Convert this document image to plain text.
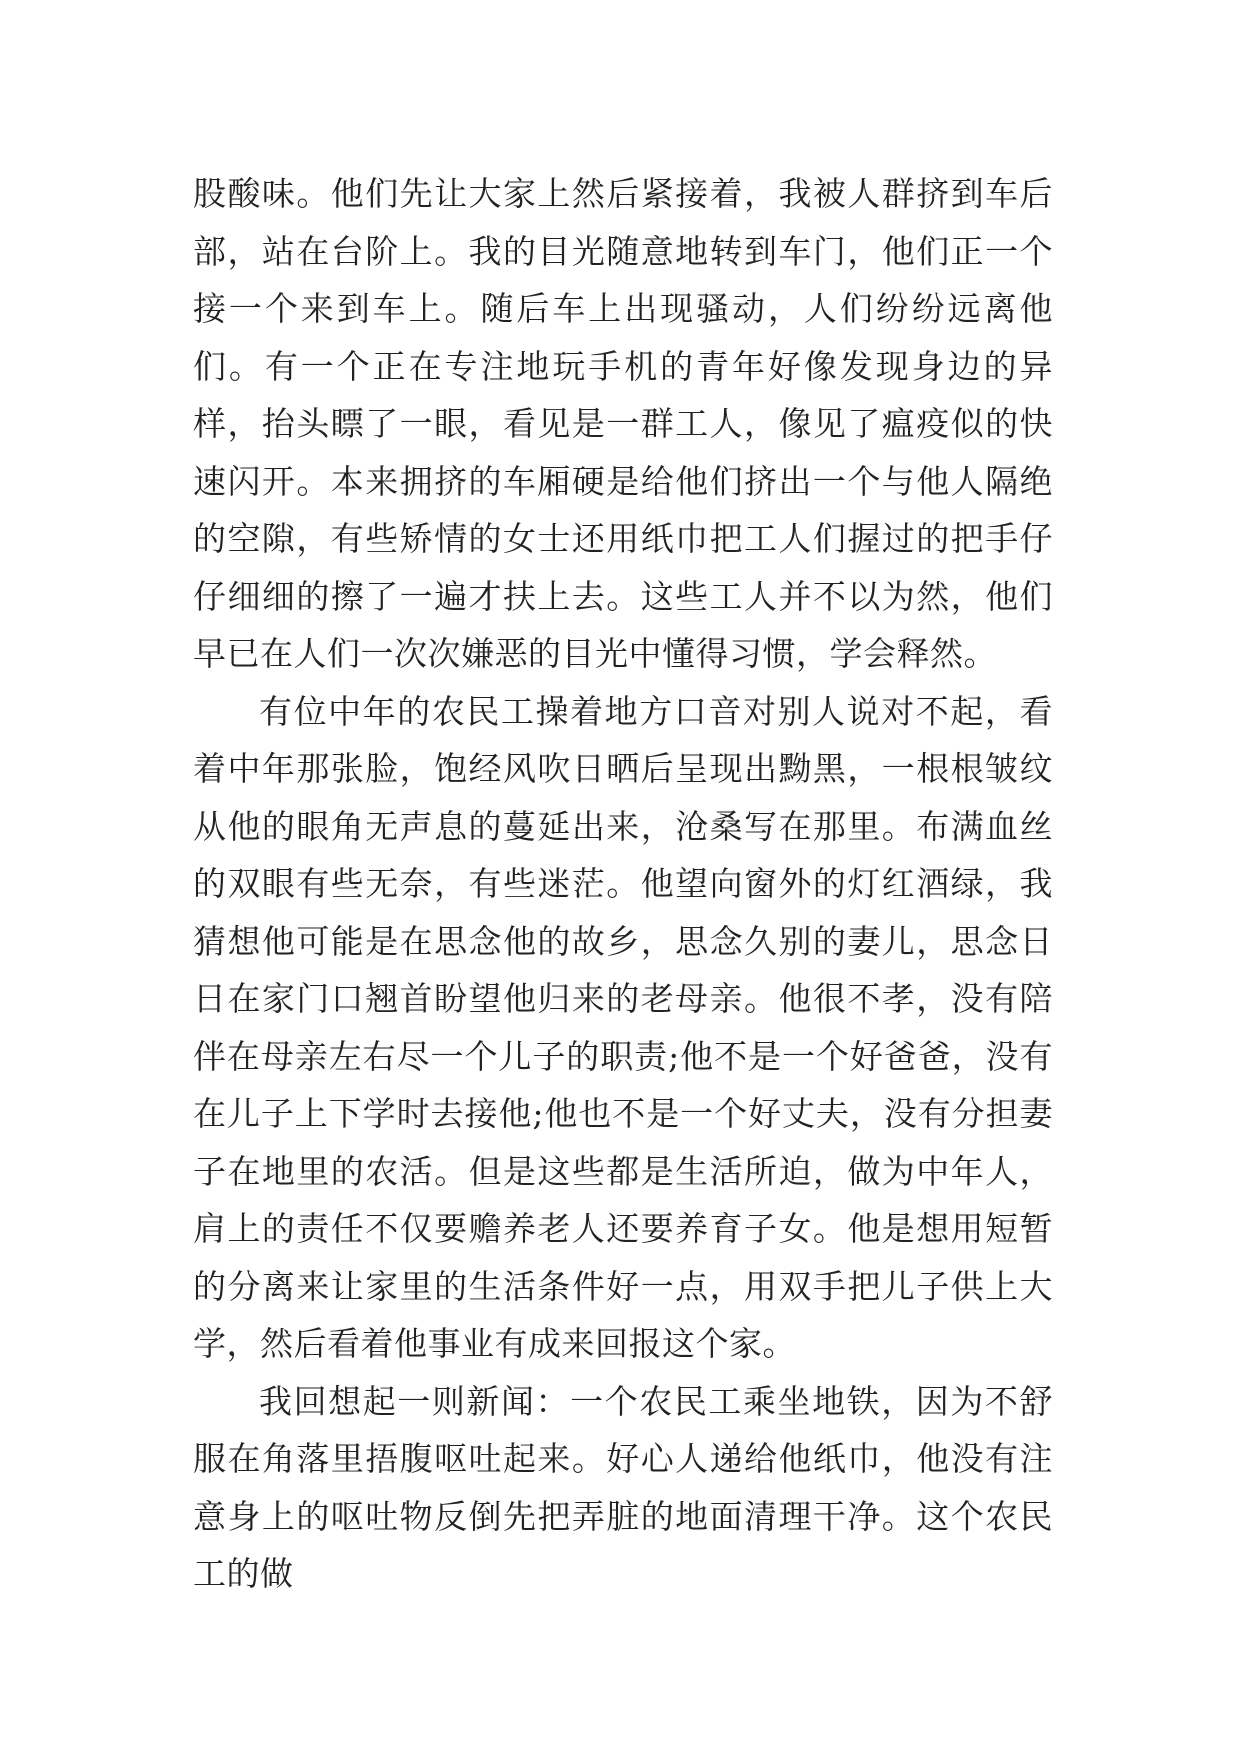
股酸味。他们先让大家上然后紧接着，我被人群挤到车后部，站在台阶上。我的目光随意地转到车门，他们正一个接一个来到车上。随后车上出现骚动，人们纷纷远离他们。有一个正在专注地玩手机的青年好像发现身边的异样，抬头瞟了一眼，看见是一群工人，像见了瘟疫似的快速闪开。本来拥挤的车厢硬是给他们挤出一个与他人隔绝的空隙，有些矫情的女士还用纸巾把工人们握过的把手仔仔细细的擦了一遍才扶上去。这些工人并不以为然，他们早已在人们一次次嫌恶的目光中懂得习惯，学会释然。

有位中年的农民工操着地方口音对别人说对不起，看着中年那张脸，饱经风吹日晒后呈现出黝黑，一根根皱纹从他的眼角无声息的蔓延出来，沧桑写在那里。布满血丝的双眼有些无奈，有些迷茫。他望向窗外的灯红酒绿，我猜想他可能是在思念他的故乡，思念久别的妻儿，思念日日在家门口翘首盼望他归来的老母亲。他很不孝，没有陪伴在母亲左右尽一个儿子的职责;他不是一个好爸爸，没有在儿子上下学时去接他;他也不是一个好丈夫，没有分担妻子在地里的农活。但是这些都是生活所迫，做为中年人，肩上的责任不仅要赡养老人还要养育子女。他是想用短暂的分离来让家里的生活条件好一点，用双手把儿子供上大学，然后看着他事业有成来回报这个家。

我回想起一则新闻：一个农民工乘坐地铁，因为不舒服在角落里捂腹呕吐起来。好心人递给他纸巾，他没有注意身上的呕吐物反倒先把弄脏的地面清理干净。这个农民工的做
